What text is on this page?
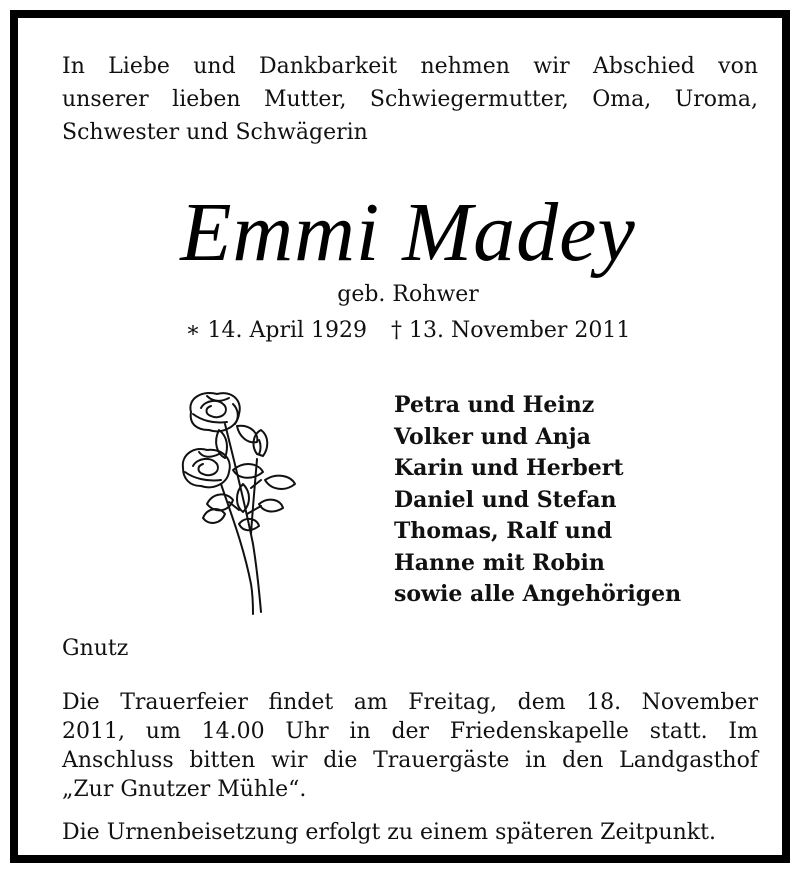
In Liebe und Dankbarkeit nehmen wir Abschied von
unserer lieben Mutter, Schwiegermutter, Oma, Uroma,
Schwester und Schwägerin
Emmi Madey
geb. Rohwer
∗ 14. April 1929 † 13. November 2011
Petra und Heinz
Volker und Anja
Karin und Herbert
Daniel und Stefan
Thomas, Ralf und
Hanne mit Robin
sowie alle Angehörigen
Gnutz
Die Trauerfeier findet am Freitag, dem 18. November
2011, um 14.00 Uhr in der Friedenskapelle statt. Im
Anschluss bitten wir die Trauergäste in den Landgasthof
„Zur Gnutzer Mühle“.
Die Urnenbeisetzung erfolgt zu einem späteren Zeitpunkt.
